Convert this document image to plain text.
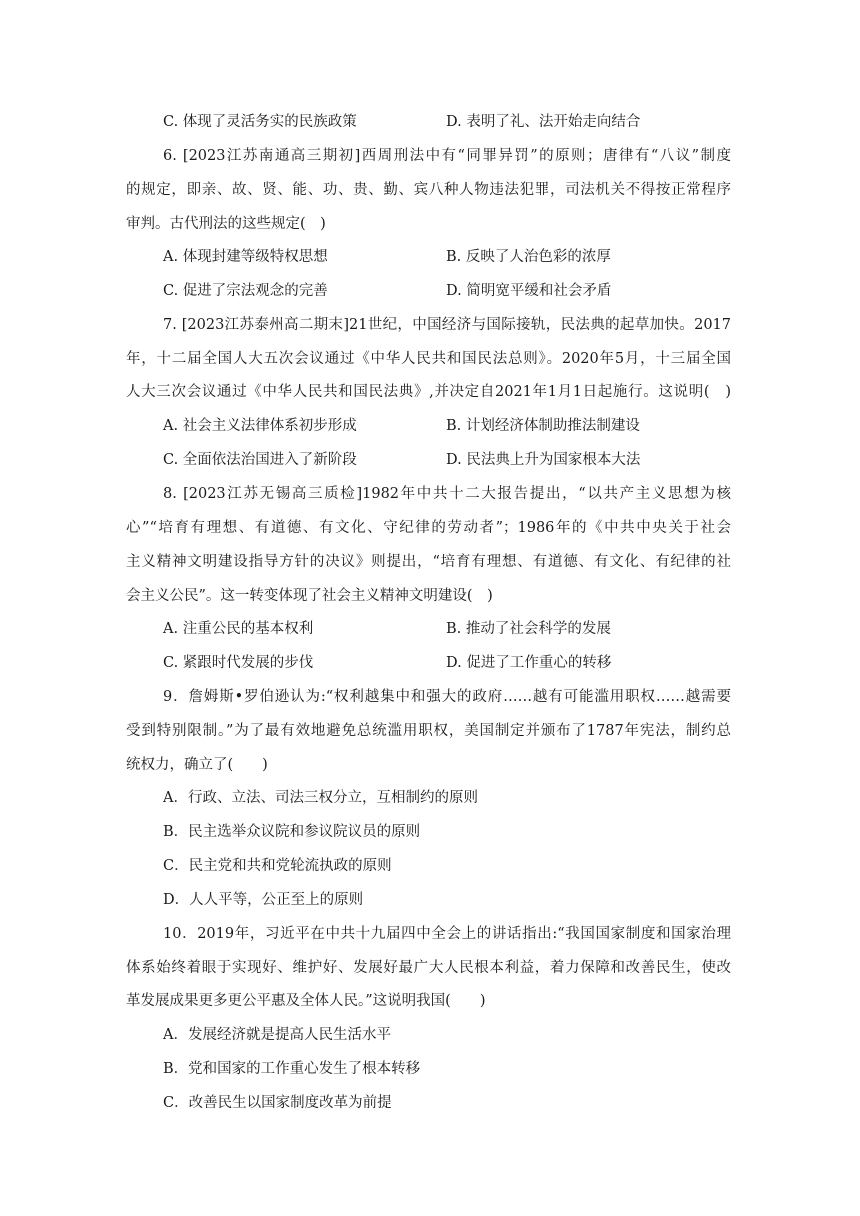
C. 体现了灵活务实的民族政策	D. 表明了礼、法开始走向结合
6. [2023江苏南通高三期初]西周刑法中有“同罪异罚”的原则；唐律有“八议”制度
的规定，即亲、故、贤、能、功、贵、勤、宾八种人物违法犯罪，司法机关不得按正常程序
审判。古代刑法的这些规定(　)
A. 体现封建等级特权思想	B. 反映了人治色彩的浓厚
C. 促进了宗法观念的完善	D. 简明宽平缓和社会矛盾
7. [2023江苏泰州高二期末]21世纪，中国经济与国际接轨，民法典的起草加快。2017
年，十二届全国人大五次会议通过《中华人民共和国民法总则》。2020年5月，十三届全国
人大三次会议通过《中华人民共和国民法典》,并决定自2021年1月1日起施行。这说明(　)
A. 社会主义法律体系初步形成	B. 计划经济体制助推法制建设
C. 全面依法治国进入了新阶段	D. 民法典上升为国家根本大法
8. [2023江苏无锡高三质检]1982年中共十二大报告提出，“以共产主义思想为核
心”“培育有理想、有道德、有文化、守纪律的劳动者”；1986年的《中共中央关于社会
主义精神文明建设指导方针的决议》则提出，“培育有理想、有道德、有文化、有纪律的社
会主义公民”。这一转变体现了社会主义精神文明建设(　)
A. 注重公民的基本权利	B. 推动了社会科学的发展
C. 紧跟时代发展的步伐	D. 促进了工作重心的转移
9．詹姆斯•罗伯逊认为:“权利越集中和强大的政府……越有可能滥用职权……越需要
受到特别限制。”为了最有效地避免总统滥用职权，美国制定并颁布了1787年宪法，制约总
统权力，确立了(　　)
A．行政、立法、司法三权分立，互相制约的原则
B．民主选举众议院和参议院议员的原则
C．民主党和共和党轮流执政的原则
D．人人平等，公正至上的原则
10．2019年，习近平在中共十九届四中全会上的讲话指出:“我国国家制度和国家治理
体系始终着眼于实现好、维护好、发展好最广大人民根本利益，着力保障和改善民生，使改
革发展成果更多更公平惠及全体人民。”这说明我国(　　)
A．发展经济就是提高人民生活水平
B．党和国家的工作重心发生了根本转移
C．改善民生以国家制度改革为前提
